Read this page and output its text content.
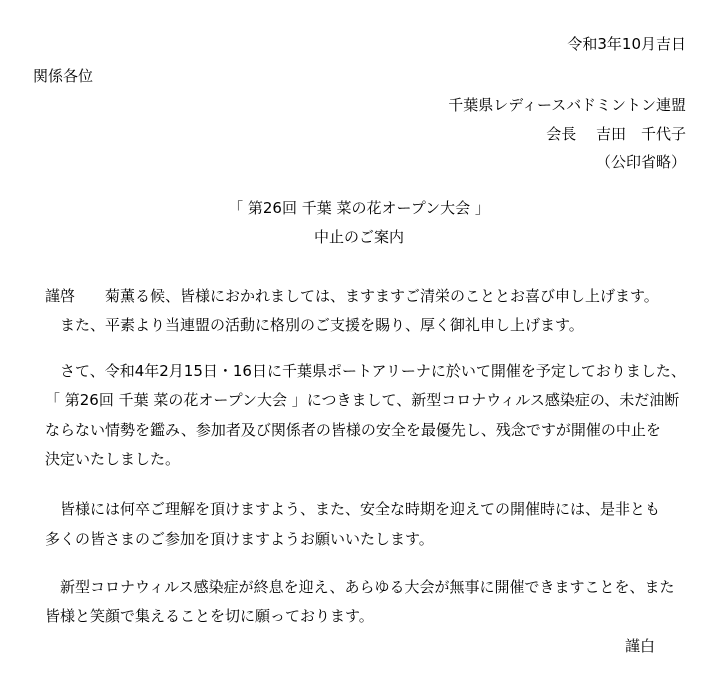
令和3年10月吉日

関係各位

千葉県レディースバドミントン連盟

会長　 吉田　千代子

（公印省略）

「 第26回 千葉 菜の花オープン大会 」

中止のご案内

謹啓　　菊薫る候、皆様におかれましては、ますますご清栄のこととお喜び申し上げます。

　また、平素より当連盟の活動に格別のご支援を賜り、厚く御礼申し上げます。

　さて、令和4年2月15日・16日に千葉県ポートアリーナに於いて開催を予定しておりました、

「 第26回 千葉 菜の花オープン大会 」につきまして、新型コロナウィルス感染症の、未だ油断

ならない情勢を鑑み、参加者及び関係者の皆様の安全を最優先し、残念ですが開催の中止を

決定いたしました。

　皆様には何卒ご理解を頂けますよう、また、安全な時期を迎えての開催時には、是非とも

多くの皆さまのご参加を頂けますようお願いいたします。

　新型コロナウィルス感染症が終息を迎え、あらゆる大会が無事に開催できますことを、また

皆様と笑顔で集えることを切に願っております。

謹白
